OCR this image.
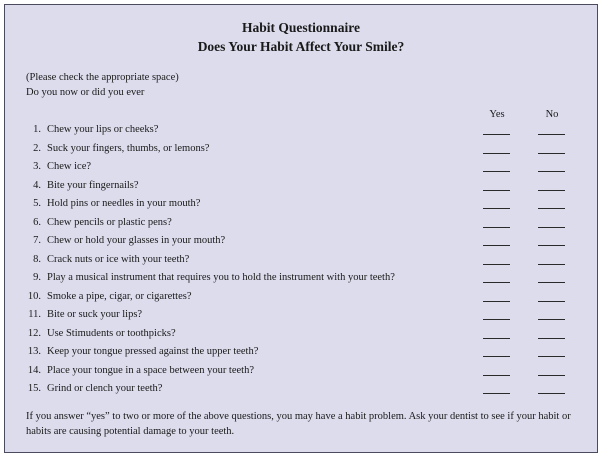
Habit Questionnaire
Does Your Habit Affect Your Smile?
(Please check the appropriate space)
Do you now or did you ever
Yes	No
1. Chew your lips or cheeks?
2. Suck your fingers, thumbs, or lemons?
3. Chew ice?
4. Bite your fingernails?
5. Hold pins or needles in your mouth?
6. Chew pencils or plastic pens?
7. Chew or hold your glasses in your mouth?
8. Crack nuts or ice with your teeth?
9. Play a musical instrument that requires you to hold the instrument with your teeth?
10. Smoke a pipe, cigar, or cigarettes?
11. Bite or suck your lips?
12. Use Stimudents or toothpicks?
13. Keep your tongue pressed against the upper teeth?
14. Place your tongue in a space between your teeth?
15. Grind or clench your teeth?
If you answer “yes” to two or more of the above questions, you may have a habit problem. Ask your dentist to see if your habit or habits are causing potential damage to your teeth.
